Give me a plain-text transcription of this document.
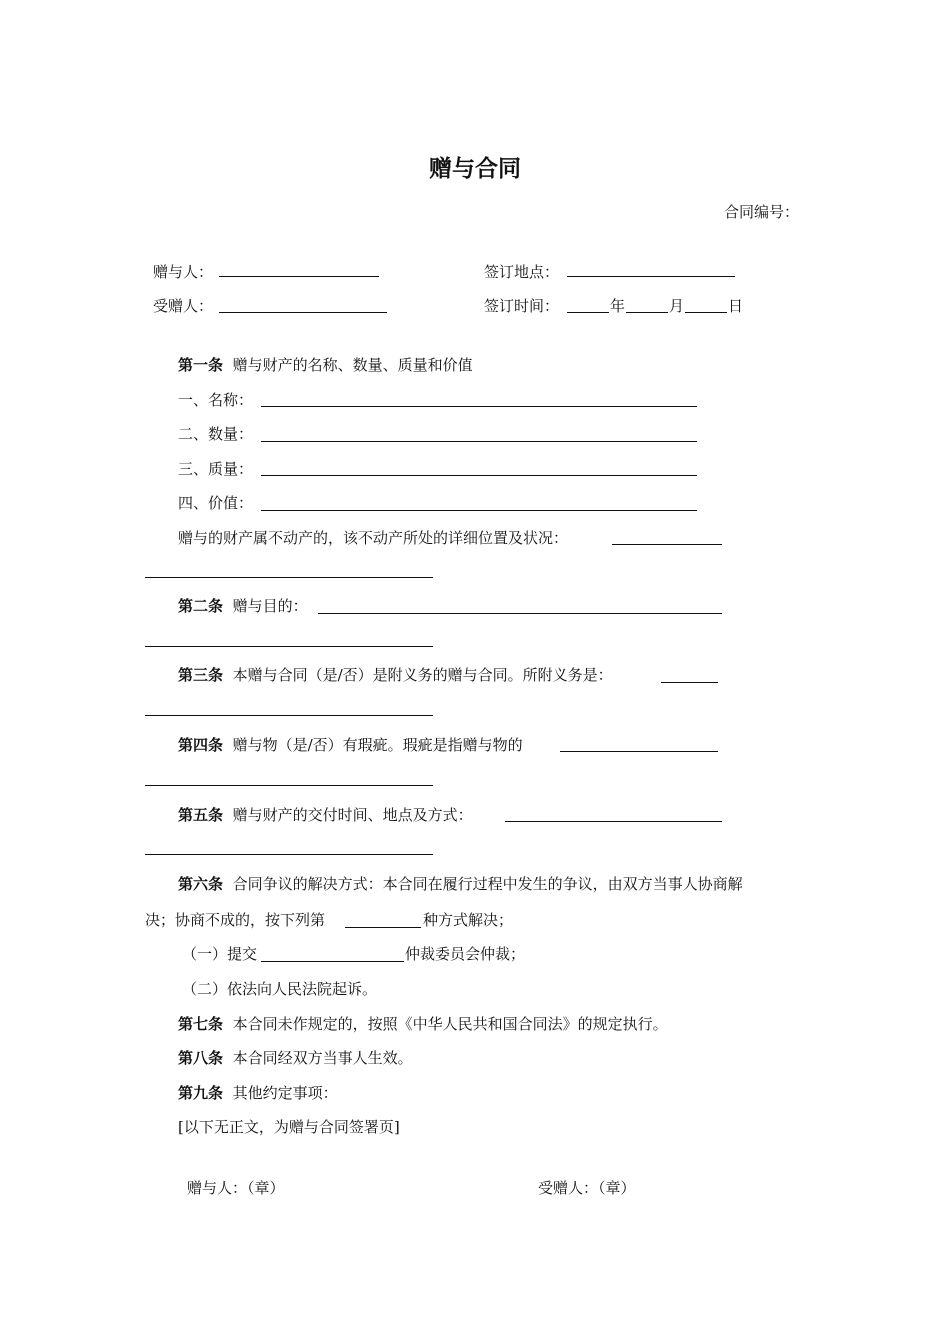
赠与合同
合同编号：
赠与人：	签订地点：
受赠人：	签订时间：	年	月	日
第一条 赠与财产的名称、数量、质量和价值
一、名称：
二、数量：
三、质量：
四、价值：
赠与的财产属不动产的，该不动产所处的详细位置及状况：
第二条 赠与目的：
第三条 本赠与合同（是/否）是附义务的赠与合同。所附义务是：
第四条 赠与物（是/否）有瑕疵。瑕疵是指赠与物的
第五条 赠与财产的交付时间、地点及方式：
第六条 合同争议的解决方式：本合同在履行过程中发生的争议，由双方当事人协商解
决；协商不成的，按下列第	种方式解决；
（一）提交	仲裁委员会仲裁；
（二）依法向人民法院起诉。
第七条 本合同未作规定的，按照《中华人民共和国合同法》的规定执行。
第八条 本合同经双方当事人生效。
第九条 其他约定事项：
[以下无正文，为赠与合同签署页]
赠与人：（章）	受赠人：（章）
